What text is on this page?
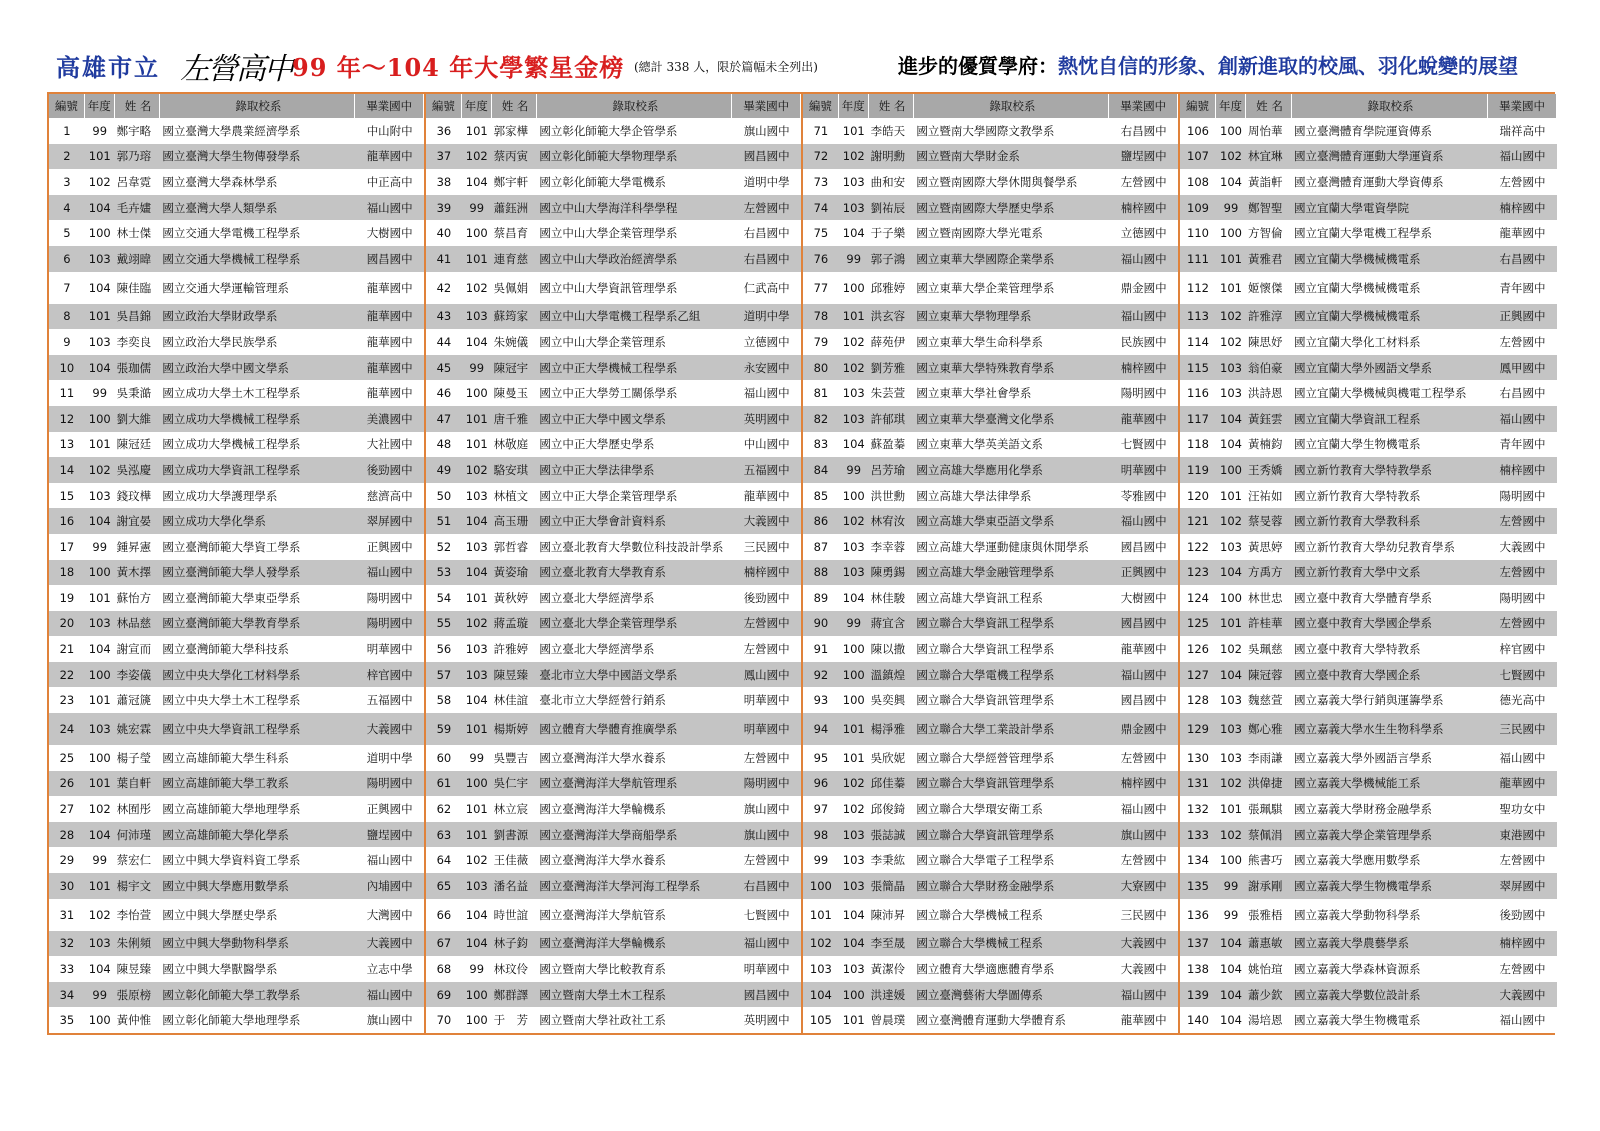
高雄市立 左營高中 99 年～104 年大學繁星金榜 (總計 338 人，限於篇幅未全列出)	進步的優質學府：熱忱自信的形象、創新進取的校風、羽化蛻變的展望
編號 年度	姓 名	錄取校系	畢業國中
1	99 鄭宇略 國立臺灣大學農業經濟學系	中山附中
2	101 郭乃瑢 國立臺灣大學生物傳發學系	龍華國中
3	102 呂韋霓 國立臺灣大學森林學系	中正高中
4	104 毛卉嫿 國立臺灣大學人類學系	福山國中
5	100 林士傑 國立交通大學電機工程學系	大樹國中
6	103 戴翊暐 國立交通大學機械工程學系	國昌國中
7	104 陳佳臨 國立交通大學運輸管理系	龍華國中
8	101 吳昌錦 國立政治大學財政學系	龍華國中
9	103 李奕良 國立政治大學民族學系	龍華國中
10	104 張珈儒 國立政治大學中國文學系	龍華國中
11	99 吳秉澔 國立成功大學土木工程學系	龍華國中
12	100 劉大維 國立成功大學機械工程學系	美濃國中
13	101 陳冠廷 國立成功大學機械工程學系	大社國中
14	102 吳泓慶 國立成功大學資訊工程學系	後勁國中
15	103 錢玟樺 國立成功大學護理學系	慈濟高中
16	104 謝宜晏 國立成功大學化學系	翠屏國中
17	99 鍾昇憲 國立臺灣師範大學資工學系	正興國中
18	100 黃木擇 國立臺灣師範大學人發學系	福山國中
19	101 蘇怡方 國立臺灣師範大學東亞學系	陽明國中
20	103 林品慈 國立臺灣師範大學教育學系	陽明國中
21	104 謝宣而 國立臺灣師範大學科技系	明華國中
22	100 李姿儀 國立中央大學化工材料學系	梓官國中
23	101 蕭冠篪 國立中央大學土木工程學系	五福國中
24	103 姚宏霖 國立中央大學資訊工程學系	大義國中
25	100 楊子瑩 國立高雄師範大學生科系	道明中學
26	101 葉自軒 國立高雄師範大學工教系	陽明國中
27	102 林囿彤 國立高雄師範大學地理學系	正興國中
28	104 何沛瑾 國立高雄師範大學化學系	鹽埕國中
29	99 蔡宏仁 國立中興大學資料資工學系	福山國中
30	101 楊宇文 國立中興大學應用數學系	內埔國中
31	102 李怡萱 國立中興大學歷史學系	大灣國中
32	103 朱俐頻 國立中興大學動物科學系	大義國中
33	104 陳昱臻 國立中興大學獸醫學系	立志中學
34	99 張原榜 國立彰化師範大學工教學系	福山國中
35	100 黃仲惟 國立彰化師範大學地理學系	旗山國中
編號 年度	姓 名	錄取校系	畢業國中
36	101 郭家樺 國立彰化師範大學企管學系	旗山國中
37	102 蔡丙寅 國立彰化師範大學物理學系	國昌國中
38	104 鄭宇軒 國立彰化師範大學電機系	道明中學
39	99 蕭鈺洲 國立中山大學海洋科學學程	左營國中
40	100 蔡昌育 國立中山大學企業管理學系	右昌國中
41	101 連育慈 國立中山大學政治經濟學系	右昌國中
42	102 吳佩娟 國立中山大學資訊管理學系	仁武高中
43	103 蘇筠家 國立中山大學電機工程學系乙組	道明中學
44	104 朱婉儀 國立中山大學企業管理系	立德國中
45	99 陳冠宇 國立中正大學機械工程學系	永安國中
46	100 陳曼玉 國立中正大學勞工關係學系	福山國中
47	101 唐千雅 國立中正大學中國文學系	英明國中
48	101 林敬庭 國立中正大學歷史學系	中山國中
49	102 駱安琪 國立中正大學法律學系	五福國中
50	103 林植文 國立中正大學企業管理學系	龍華國中
51	104 高玉珊 國立中正大學會計資料系	大義國中
52	103 郭哲睿 國立臺北教育大學數位科技設計學系	三民國中
53	104 黃姿瑜 國立臺北教育大學教育系	楠梓國中
54	101 黃秋婷 國立臺北大學經濟學系	後勁國中
55	102 蔣孟璇 國立臺北大學企業管理學系	左營國中
56	103 許雅婷 國立臺北大學經濟學系	左營國中
57	103 陳昱臻 臺北市立大學中國語文學系	鳳山國中
58	104 林佳誼 臺北市立大學經營行銷系	明華國中
59	101 楊斯婷 國立體育大學體育推廣學系	明華國中
60	99 吳豐吉 國立臺灣海洋大學水養系	左營國中
61	100 吳仁宇 國立臺灣海洋大學航管理系	陽明國中
62	101 林立宸 國立臺灣海洋大學輪機系	旗山國中
63	101 劉書源 國立臺灣海洋大學商船學系	旗山國中
64	102 王佳薇 國立臺灣海洋大學水養系	左營國中
65	103 潘名益 國立臺灣海洋大學河海工程學系	右昌國中
66	104 時世誼 國立臺灣海洋大學航管系	七賢國中
67	104 林子鈞 國立臺灣海洋大學輪機系	福山國中
68	99 林玟伶 國立暨南大學比較教育系	明華國中
69	100 鄭群譯 國立暨南大學土木工程系	國昌國中
70	100 于　芳 國立暨南大學社政社工系	英明國中
編號 年度	姓 名	錄取校系	畢業國中
71	101 李皓天 國立暨南大學國際文教學系	右昌國中
72	102 謝明勳 國立暨南大學財金系	鹽埕國中
73	103 曲和安 國立暨南國際大學休閒與餐學系	左營國中
74	103 劉祐辰 國立暨南國際大學歷史學系	楠梓國中
75	104 于子樂 國立暨南國際大學光電系	立德國中
76	99 郭子鴻 國立東華大學國際企業學系	福山國中
77	100 邱雅婷 國立東華大學企業管理學系	鼎金國中
78	101 洪玄容 國立東華大學物理學系	福山國中
79	102 薛苑伊 國立東華大學生命科學系	民族國中
80	102 劉芳雅 國立東華大學特殊教育學系	楠梓國中
81	103 朱芸萱 國立東華大學社會學系	陽明國中
82	103 許郁琪 國立東華大學臺灣文化學系	龍華國中
83	104 蘇盈蓁 國立東華大學英美語文系	七賢國中
84	99 呂芳瑜 國立高雄大學應用化學系	明華國中
85	100 洪世勳 國立高雄大學法律學系	苓雅國中
86	102 林宥汝 國立高雄大學東亞語文學系	福山國中
87	103 李幸蓉 國立高雄大學運動健康與休閒學系	國昌國中
88	103 陳勇錫 國立高雄大學金融管理學系	正興國中
89	104 林佳駿 國立高雄大學資訊工程系	大樹國中
90	99 蔣宜含 國立聯合大學資訊工程學系	國昌國中
91	100 陳以撒 國立聯合大學資訊工程學系	龍華國中
92	100 溫鎮煌 國立聯合大學電機工程學系	福山國中
93	100 吳奕興 國立聯合大學資訊管理學系	國昌國中
94	101 楊淨雅 國立聯合大學工業設計學系	鼎金國中
95	101 吳欣妮 國立聯合大學經營管理學系	左營國中
96	102 邱佳蓁 國立聯合大學資訊管理學系	楠梓國中
97	102 邱俊錡 國立聯合大學環安衛工系	福山國中
98	103 張誌誠 國立聯合大學資訊管理學系	旗山國中
99	103 李秉紘 國立聯合大學電子工程學系	左營國中
100 103 張簡晶 國立聯合大學財務金融學系	大寮國中
101 104 陳沛昇 國立聯合大學機械工程系	三民國中
102 104 李至晟 國立聯合大學機械工程系	大義國中
103 103 黃潔伶 國立體育大學適應體育學系	大義國中
104 100 洪達媛 國立臺灣藝術大學圖傳系	福山國中
105 101 曾晨璞 國立臺灣體育運動大學體育系	龍華國中
編號 年度	姓 名	錄取校系	畢業國中
106 100 周怡華	國立臺灣體育學院運資傳系	瑞祥高中
107 102 林宜琳	國立臺灣體育運動大學運資系	福山國中
108 104 黃詣軒	國立臺灣體育運動大學資傳系	左營國中
109	99 鄭智聖	國立宜蘭大學電資學院	楠梓國中
110 100 方智倫	國立宜蘭大學電機工程學系	龍華國中
111 101 黃雅君	國立宜蘭大學機械機電系	右昌國中
112 101 姬懷傑	國立宜蘭大學機械機電系	青年國中
113 102 許雅淳	國立宜蘭大學機械機電系	正興國中
114 102 陳思妤	國立宜蘭大學化工材料系	左營國中
115 103 翁伯豪	國立宜蘭大學外國語文學系	鳳甲國中
116 103 洪詩恩	國立宜蘭大學機械與機電工程學系	右昌國中
117 104 黃鈺雲	國立宜蘭大學資訊工程系	福山國中
118 104 黃楠鈞	國立宜蘭大學生物機電系	青年國中
119 100 王秀嬌	國立新竹教育大學特教學系	楠梓國中
120 101 汪祐如	國立新竹教育大學特教系	陽明國中
121 102 蔡旻蓉	國立新竹教育大學教科系	左營國中
122 103 黃思婷	國立新竹教育大學幼兒教育學系	大義國中
123 104 方禹方	國立新竹教育大學中文系	左營國中
124 100 林世忠	國立臺中教育大學體育學系	陽明國中
125 101 許桂華	國立臺中教育大學國企學系	左營國中
126 102 吳珮慈	國立臺中教育大學特教系	梓官國中
127 104 陳冠蓉	國立臺中教育大學國企系	七賢國中
128 103 魏慈萱	國立嘉義大學行銷與運籌學系	德光高中
129 103 鄭心雅	國立嘉義大學水生生物科學系	三民國中
130 103 李雨謙	國立嘉義大學外國語言學系	福山國中
131 102 洪偉捷	國立嘉義大學機械能工系	龍華國中
132 101 張珮騏	國立嘉義大學財務金融學系	聖功女中
133 102 蔡佩涓	國立嘉義大學企業管理學系	東港國中
134 100 熊書巧	國立嘉義大學應用數學系	左營國中
135	99 謝承剛	國立嘉義大學生物機電學系	翠屏國中
136	99 張雅梧	國立嘉義大學動物科學系	後勁國中
137 104 蕭惠敏	國立嘉義大學農藝學系	楠梓國中
138 104 姚怡瑄	國立嘉義大學森林資源系	左營國中
139 104 蕭少欽	國立嘉義大學數位設計系	大義國中
140 104 湯培恩	國立嘉義大學生物機電系	福山國中
